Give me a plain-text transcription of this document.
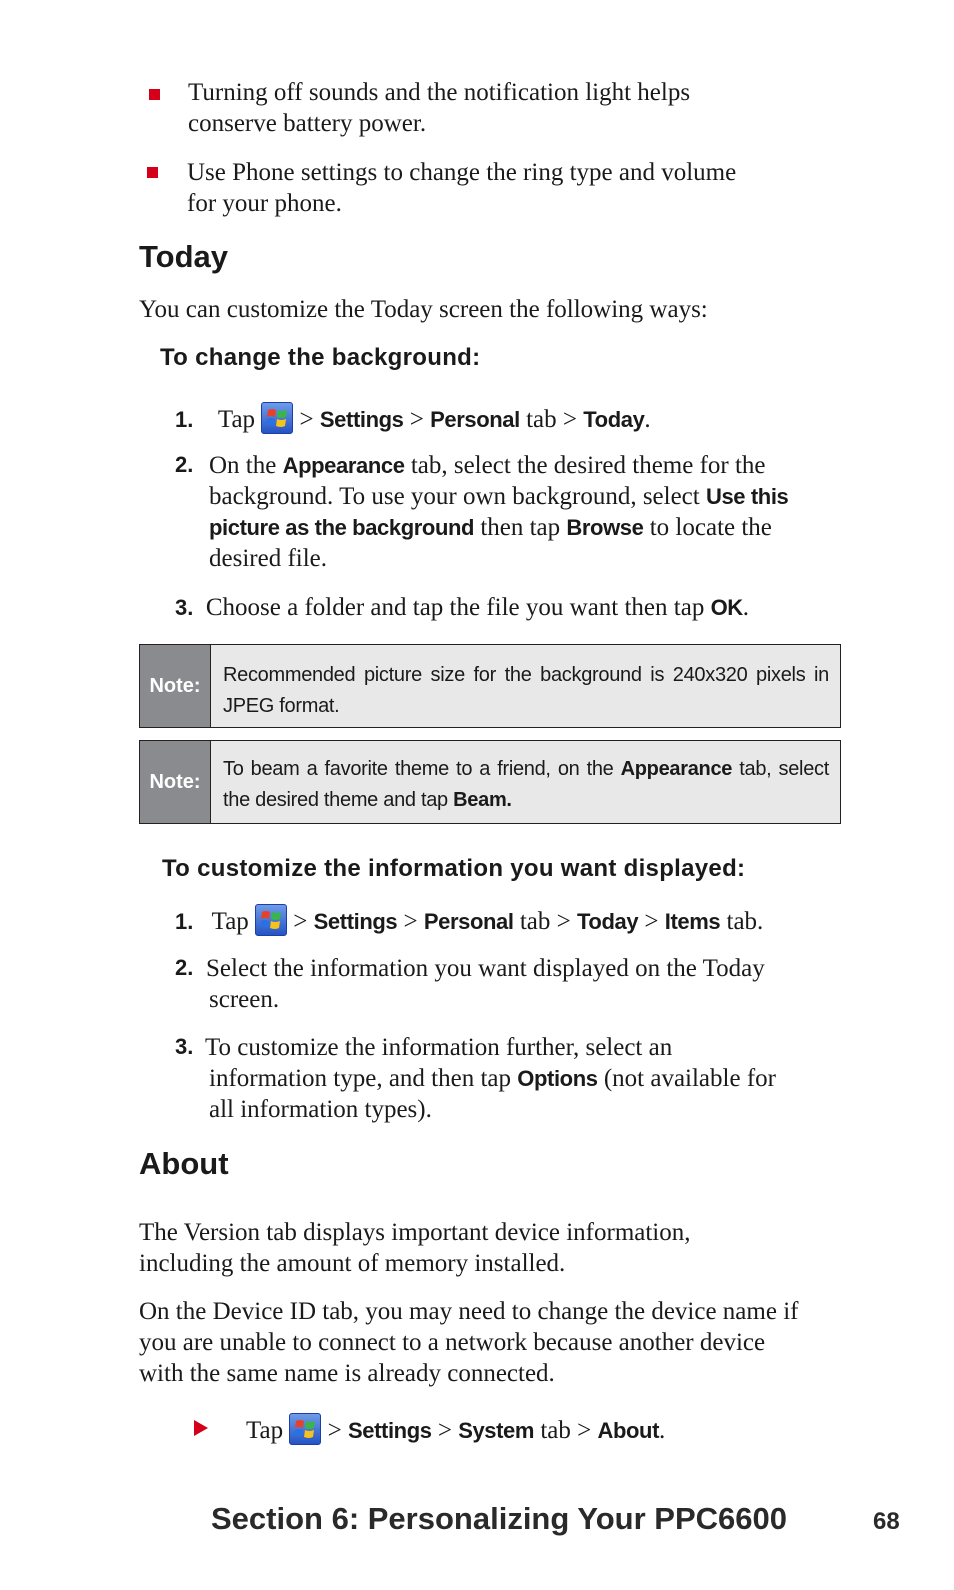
Turning off sounds and the notification light helps
conserve battery power.
Use Phone settings to change the ring type and volume
for your phone.
Today
You can customize the Today screen the following ways:
To change the background:
1. Tap > Settings > Personal tab > Today.
2. On the Appearance tab, select the desired theme for the
background. To use your own background, select Use this
picture as the background then tap Browse to locate the
desired file.
3. Choose a folder and tap the file you want then tap OK.
Note:	Recommended picture size for the background is 240x320 pixels in JPEG format.
Note:
To beam a favorite theme to a friend, on the Appearance tab, select the desired theme and tap Beam.
To customize the information you want displayed:
1. Tap > Settings > Personal tab > Today > Items tab.
2. Select the information you want displayed on the Today
screen.
3. To customize the information further, select an
information type, and then tap Options (not available for
all information types).
About
The Version tab displays important device information,
including the amount of memory installed.
On the Device ID tab, you may need to change the device name if
you are unable to connect to a network because another device
with the same name is already connected.
Tap > Settings > System tab > About.
Section 6: Personalizing Your PPC6600	68
